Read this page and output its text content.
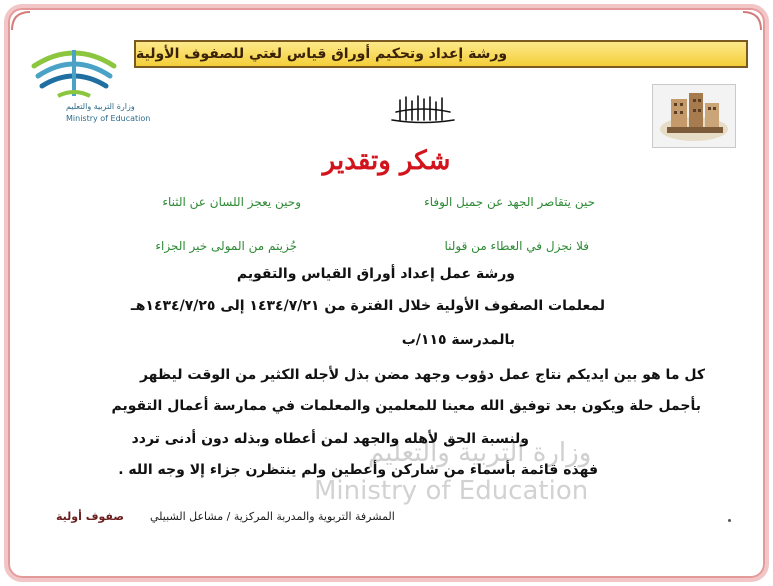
ورشة إعداد وتحكيم أوراق قياس لغتي للصفوف الأولية
وزارة التربية والتعليم
Ministry of Education
شكر وتقدير
حين يتقاصر الجهد عن جميل الوفاء
وحين يعجز اللسان عن الثناء
فلا نجزل في العطاء من قولنا
جُزيتم من المولى خير الجزاء
ورشة عمل إعداد أوراق القياس والتقويم
لمعلمات الصفوف الأولية خلال الفترة من ١٤٣٤/٧/٢١ إلى ١٤٣٤/٧/٢٥هـ
بالمدرسة ١١٥/ب
كل ما هو بين ايديكم نتاج عمل دؤوب وجهد مضن بذل لأجله الكثير من الوقت ليظهر
بأجمل حلة ويكون بعد توفيق الله معينا للمعلمين والمعلمات في ممارسة أعمال التقويم
وزارة التربية والتعليم
Ministry of Education
ولنسبة الحق لأهله والجهد لمن أعطاه وبذله دون أدنى تردد
فهذه قائمة بأسماء من شاركن وأعطين ولم ينتظرن جزاء إلا وجه الله .
المشرفة التربوية والمدربة المركزية / مشاعل الشبيلي
صفوف أولية
